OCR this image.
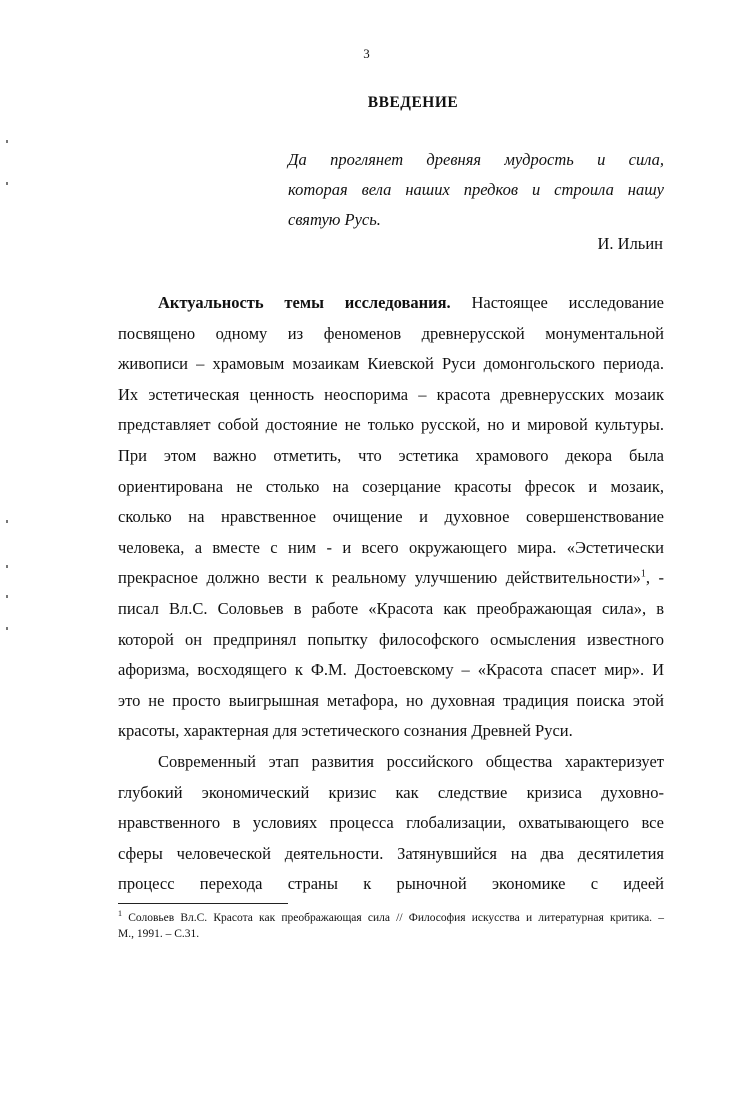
3
ВВЕДЕНИЕ
Да проглянет древняя мудрость и сила,
которая вела наших предков и строила нашу
святую Русь.
И. Ильин
Актуальность темы исследования. Настоящее исследование
посвящено одному из феноменов древнерусской монументальной
живописи – храмовым мозаикам Киевской Руси домонгольского периода.
Их эстетическая ценность неоспорима – красота древнерусских мозаик
представляет собой достояние не только русской, но и мировой культуры.
При этом важно отметить, что эстетика храмового декора была
ориентирована не столько на созерцание красоты фресок и мозаик,
сколько на нравственное очищение и духовное совершенствование
человека, а вместе с ним - и всего окружающего мира. «Эстетически
прекрасное должно вести к реальному улучшению действительности»$^1$, -
писал Вл.С. Соловьев в работе «Красота как преображающая сила», в
которой он предпринял попытку философского осмысления известного
афоризма, восходящего к Ф.М. Достоевскому – «Красота спасет мир». И
это не просто выигрышная метафора, но духовная традиция поиска этой
красоты, характерная для эстетического сознания Древней Руси.
Современный этап развития российского общества характеризует
глубокий экономический кризис как следствие кризиса духовно-
нравственного в условиях процесса глобализации, охватывающего все
сферы человеческой деятельности. Затянувшийся на два десятилетия
процесс перехода страны к рыночной экономике с идеей
$^1$ Соловьев Вл.С. Красота как преображающая сила // Философия искусства и литературная критика. –
М., 1991. – С.31.
